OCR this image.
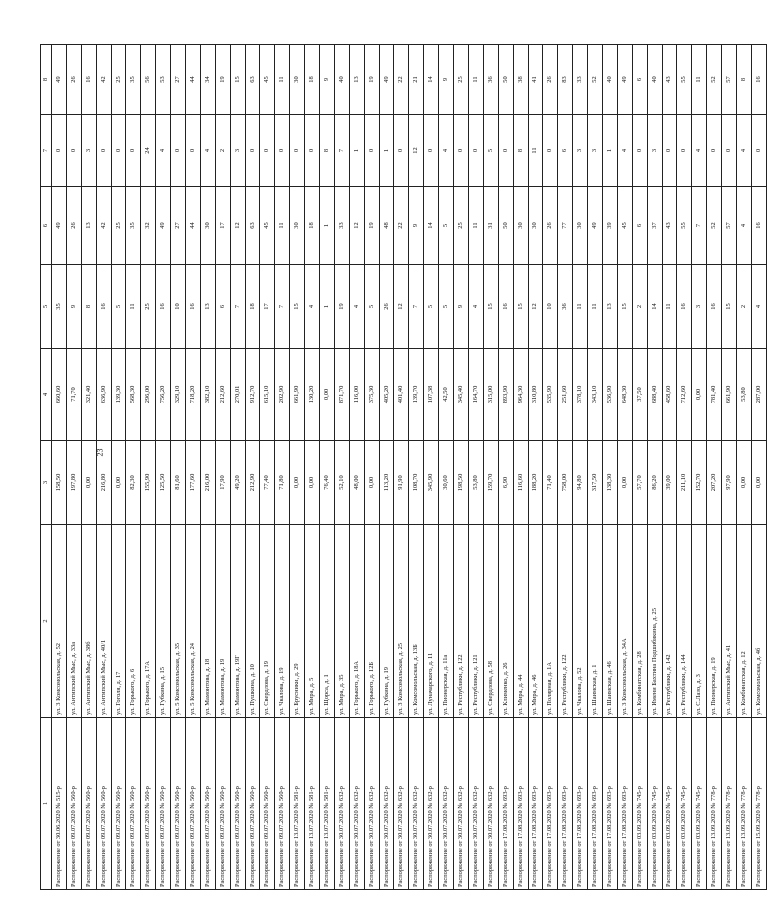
23
1	2	3	4	5	6	7	8
Распоряжение от 30.06.2020 № 515-р	ул. 3 Комсомольская, д. 52	158,50	660,60	35	49	0	49
Распоряжение от 09.07.2020 № 560-р	ул. Антипский Мыс, д. 33а	197,80	71,70	9	26	0	26
Распоряжение от 09.07.2020 № 560-р	ул. Антипский Мыс, д. 38б	0,00	321,40	8	13	3	16
Распоряжение от 09.07.2020 № 560-р	ул. Антипский Мыс, д. 40/1	216,80	636,90	16	42	0	42
Распоряжение от 09.07.2020 № 560-р	ул. Гоголя, д. 17	0,00	139,30	5	25	0	25
Распоряжение от 09.07.2020 № 560-р	ул. Горького, д. 6	82,30	568,30	11	35	0	35
Распоряжение от 09.07.2020 № 560-р	ул. Горького, д. 17А	155,90	296,00	25	32	24	56
Распоряжение от 09.07.2020 № 560-р	ул. Губкина, д. 15	125,50	756,20	16	49	4	53
Распоряжение от 09.07.2020 № 560-р	ул. 5 Комсомольская, д. 35	81,60	329,10	10	27	0	27
Распоряжение от 09.07.2020 № 560-р	ул. 5 Комсомольская, д. 24	177,60	718,20	16	44	0	44
Распоряжение от 09.07.2020 № 560-р	ул. Мамонтова, д. 18	216,00	382,10	13	30	4	34
Распоряжение от 09.07.2020 № 560-р	ул. Мамонтова, д. 19	17,90	212,60	6	17	2	19
Распоряжение от 09.07.2020 № 560-р	ул. Мамонтова, д. 19Г	49,20	270,01	7	12	3	15
Распоряжение от 09.07.2020 № 560-р	ул. Пушкина, д. 10	212,90	912,70	18	63	0	63
Распоряжение от 09.07.2020 № 560-р	ул. Свердлова, д. 19	77,40	615,10	17	45	0	45
Распоряжение от 09.07.2020 № 560-р	ул. Чкалова, д. 19	71,80	202,90	7	11	0	11
Распоряжение от 13.07.2020 № 581-р	ул. Брусники, д. 29	0,00	661,90	15	30	0	30
Распоряжение от 13.07.2020 № 581-р	ул. Мира, д. 5	0,00	130,20	4	18	0	18
Распоряжение от 13.07.2020 № 581-р	ул. Щорса, д. 1	76,40	0,00	1	1	8	9
Распоряжение от 30.07.2020 № 632-р	ул. Мира, д. 35	52,10	871,70	19	33	7	40
Распоряжение от 30.07.2020 № 632-р	ул. Горького, д. 18А	48,00	116,00	4	12	1	13
Распоряжение от 30.07.2020 № 632-р	ул. Горького, д. 12Б	0,00	375,30	5	19	0	19
Распоряжение от 30.07.2020 № 632-р	ул. Губкина, д. 19	113,20	405,20	26	48	1	49
Распоряжение от 30.07.2020 № 632-р	ул. 3 Комсомольская, д. 25	91,90	401,40	12	22	0	22
Распоряжение от 30.07.2020 № 632-р	ул. Комсомольская, д. 13Б	108,70	139,70	7	9	12	21
Распоряжение от 30.07.2020 № 632-р	ул. Луначарского, д. 11	345,90	107,38	5	14	0	14
Распоряжение от 30.07.2020 № 632-р	ул. Пионерская, д. 11а	30,60	42,50	5	5	4	9
Распоряжение от 30.07.2020 № 632-р	ул. Республики, д. 122	198,50	345,40	9	25	0	25
Распоряжение от 30.07.2020 № 632-р	ул. Республики, д. 121	53,80	164,70	4	11	0	11
Распоряжение от 30.07.2020 № 632-р	ул. Свердлова, д. 58	159,70	315,00	15	31	5	36
Распоряжение от 17.08.2020 № 693-р	ул. Клименко, д. 26	6,90	893,90	16	50	0	50
Распоряжение от 17.08.2020 № 693-р	ул. Мира, д. 44	116,60	964,30	15	30	8	38
Распоряжение от 17.08.2020 № 693-р	ул. Мира, д. 46	188,20	310,80	12	30	11	41
Распоряжение от 17.08.2020 № 693-р	ул. Полярная, д. 1А	71,40	535,90	10	26	0	26
Распоряжение от 17.08.2020 № 693-р	ул. Республики, д. 122	758,00	251,60	36	77	6	83
Распоряжение от 17.08.2020 № 693-р	ул. Чкалова, д. 52	94,80	378,10	11	30	3	33
Распоряжение от 17.08.2020 № 693-р	ул. Шаимская, д. 1	317,50	343,10	11	49	3	52
Распоряжение от 17.08.2020 № 693-р	ул. Шаимская, д. 46	138,30	536,90	13	39	1	40
Распоряжение от 17.08.2020 № 693-р	ул. 3 Комсомольская, д. 34А	0,00	648,30	15	45	4	49
Распоряжение от 03.09.2020 № 745-р	ул. Комбинатская, д. 28	57,70	37,50	2	6	0	6
Распоряжение от 03.09.2020 № 745-р	ул. Имени Бахтина Подшибякина, д. 25	86,20	688,40	14	37	3	40
Распоряжение от 03.09.2020 № 745-р	ул. Республики, д. 142	39,00	458,60	11	43	0	43
Распоряжение от 03.09.2020 № 745-р	ул. Республики, д. 144	211,10	712,60	16	55	0	55
Распоряжение от 03.09.2020 № 745-р	ул. С.Лазо, д. 3	152,70	0,00	3	7	4	11
Распоряжение от 13.09.2020 № 778-р	ул. Пионерская, д. 19	207,20	781,40	16	52	0	52
Распоряжение от 13.09.2020 № 778-р	ул. Антипский Мыс, д. 41	97,90	661,90	15	57	0	57
Распоряжение от 13.09.2020 № 778-р	ул. Комбинатская, д. 12	0,00	53,80	2	4	4	8
Распоряжение от 15.09.2020 № 778-р	ул. Комсомольская, д. 4б	0,00	287,00	4	16	0	16
